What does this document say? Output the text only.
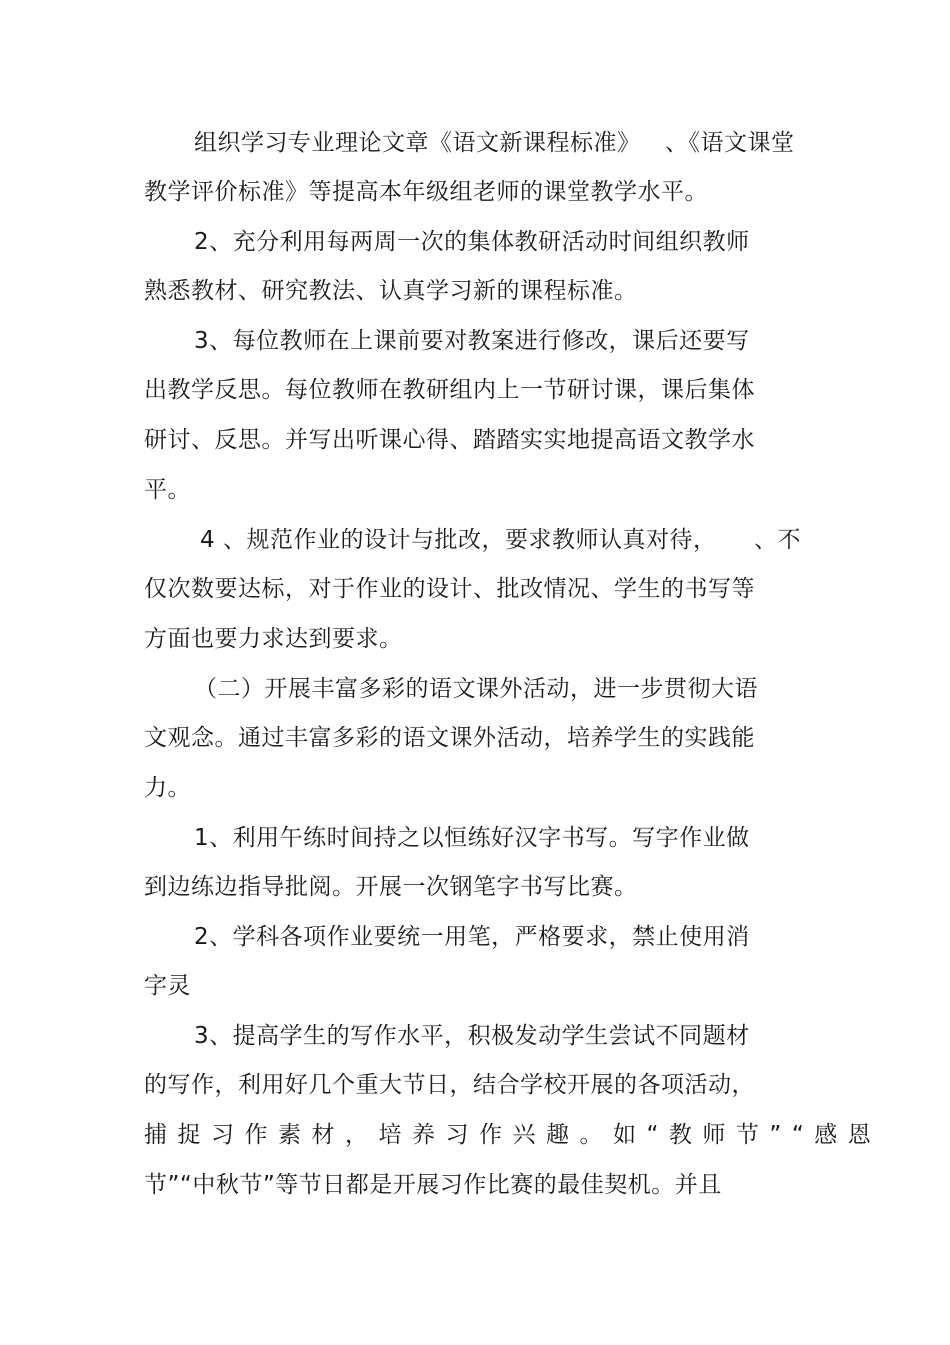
组织学习专业理论文章《语文新课程标准》 、《语文课堂
教学评价标准》等提高本年级组老师的课堂教学水平。
2、充分利用每两周一次的集体教研活动时间组织教师
熟悉教材、研究教法、认真学习新的课程标准。
3、每位教师在上课前要对教案进行修改，课后还要写
出教学反思。每位教师在教研组内上一节研讨课，课后集体
研讨、反思。并写出听课心得、踏踏实实地提高语文教学水
平。
4 、规范作业的设计与批改，要求教师认真对待， 、不
仅次数要达标，对于作业的设计、批改情况、学生的书写等
方面也要力求达到要求。
（二）开展丰富多彩的语文课外活动，进一步贯彻大语
文观念。通过丰富多彩的语文课外活动，培养学生的实践能
力。
1、利用午练时间持之以恒练好汉字书写。写字作业做
到边练边指导批阅。开展一次钢笔字书写比赛。
2、学科各项作业要统一用笔，严格要求，禁止使用消
字灵
3、提高学生的写作水平，积极发动学生尝试不同题材
的写作，利用好几个重大节日，结合学校开展的各项活动，
捕捉习作素材，培养习作兴趣。如“教师节”“感恩
节”“中秋节”等节日都是开展习作比赛的最佳契机。并且
